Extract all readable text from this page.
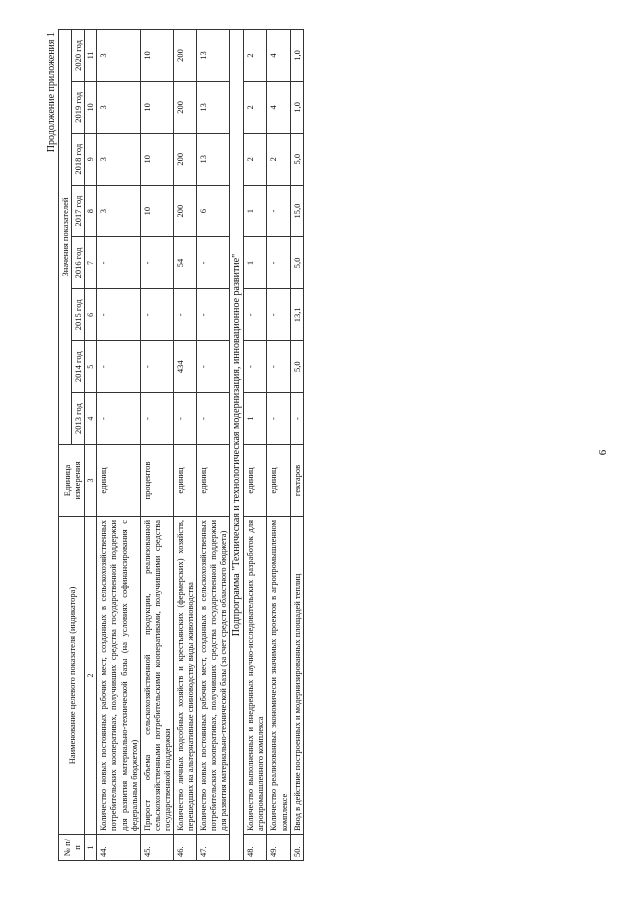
6
Продолжение приложения 1
№ п/п	Наименование целевого показателя (индикатора)	Единица измерения	Значения показателей							
			2013 год	2014 год	2015 год	2016 год	2017 год	2018 год	2019 год	2020 год
1	2	3	4	5	6	7	8	9	10	11
44.	Количество новых постоянных рабочих мест, созданных в сельскохозяйственных потребительских кооперативах, получивших средства государственной поддержки для развития материально-технической базы (на условиях софинансирования с федеральным бюджетом)	единиц	-	-	-	-	3	3	3	3
45.	Прирост объема сельскохозяйственной продукции, реализованной сельскохозяйственными потребительскими кооперативами, получившими средства государственной поддержки	процентов	-	-	-	-	10	10	10	10
46.	Количество личных подсобных хозяйств и крестьянских (фермерских) хозяйств, перешедших на альтернативные свиноводству виды животноводства	единиц	-	434	-	54	200	200	200	200
47.	Количество новых постоянных рабочих мест, созданных в сельскохозяйственных потребительских кооперативах, получивших средства государственной поддержки для развития материально-технической базы (за счет средств областного бюджета)	единиц	-	-	-	-	6	13	13	13
Подпрограмма "Техническая и технологическая модернизация, инновационное развитие"										
48.	Количество выполненных и внедренных научно-исследовательских разработок для агропромышленного комплекса	единиц	1	-	-	1	1	2	2	2
49.	Количество реализованных экономически значимых проектов в агропромышленном комплексе	единиц	-	-	-	-	-	2	4	4
50.	Ввод в действие построенных и модернизированных площадей теплиц	гектаров	-	5,0	13,1	5,0	15,0	5,0	1,0	1,0
